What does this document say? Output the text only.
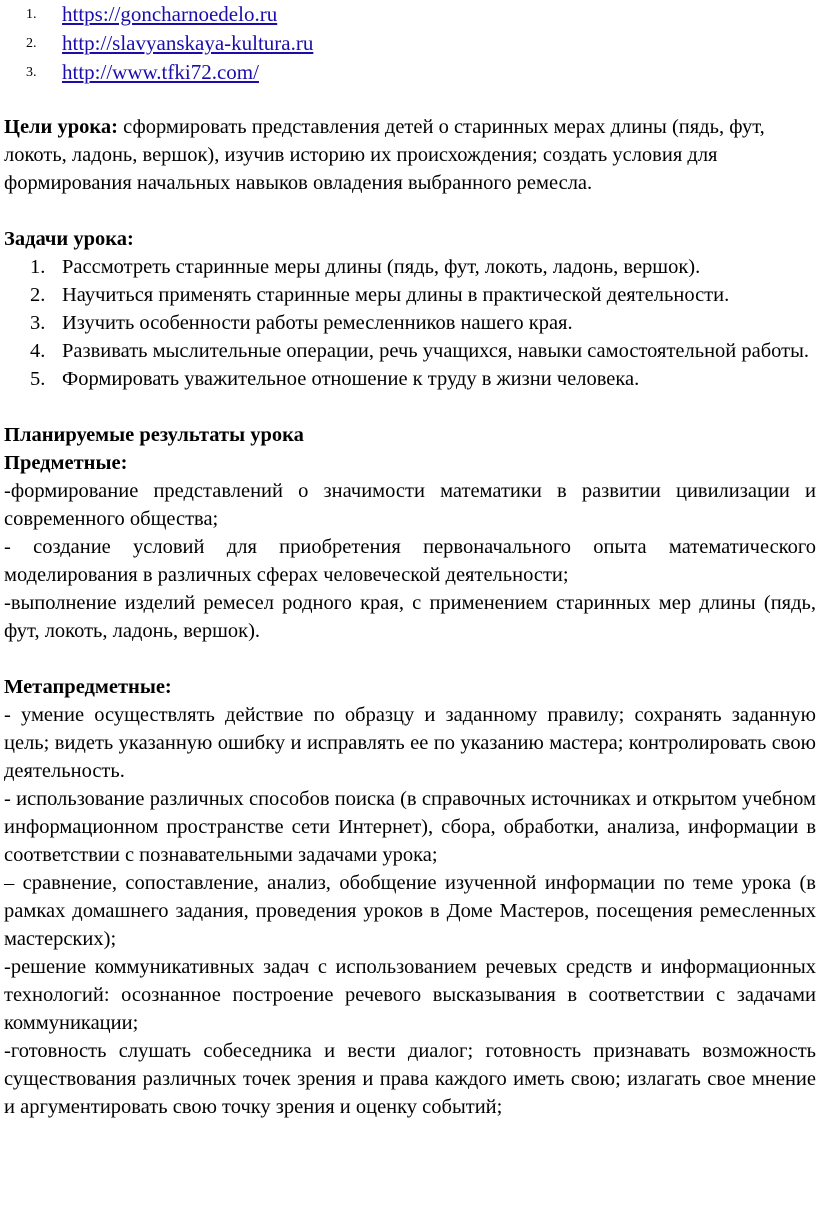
1. https://goncharnoedelo.ru
2. http://slavyanskaya-kultura.ru
3. http://www.tfki72.com/

Цели урока: сформировать представления детей о старинных мерах длины (пядь, фут, локоть, ладонь, вершок), изучив историю их происхождения; создать условия для формирования начальных навыков овладения выбранного ремесла.

Задачи урока:

1. Рассмотреть старинные меры длины (пядь, фут, локоть, ладонь, вершок).
2. Научиться применять старинные меры длины в практической деятельности.
3. Изучить особенности работы ремесленников нашего края.
4. Развивать мыслительные операции, речь учащихся, навыки самостоятельной работы.
5. Формировать уважительное отношение к труду в жизни человека.

Планируемые результаты урока

Предметные:

-формирование представлений о значимости математики в развитии цивилизации и современного общества;

- создание условий для приобретения первоначального опыта математического моделирования в различных сферах человеческой деятельности;

-выполнение изделий ремесел родного края, с применением старинных мер длины (пядь, фут, локоть, ладонь, вершок).

Метапредметные:

- умение осуществлять действие по образцу и заданному правилу; сохранять заданную цель; видеть указанную ошибку и исправлять ее по указанию мастера; контролировать свою деятельность.

- использование различных способов поиска (в справочных источниках и открытом учебном информационном пространстве сети Интернет), сбора, обработки, анализа, информации в соответствии с познавательными задачами урока;

– сравнение, сопоставление, анализ, обобщение изученной информации по теме урока (в рамках домашнего задания, проведения уроков в Доме Мастеров, посещения ремесленных мастерских);

-решение коммуникативных задач с использованием речевых средств и информационных технологий: осознанное построение речевого высказывания в соответствии с задачами коммуникации;

-готовность слушать собеседника и вести диалог; готовность признавать возможность существования различных точек зрения и права каждого иметь свою; излагать свое мнение и аргументировать свою точку зрения и оценку событий;
